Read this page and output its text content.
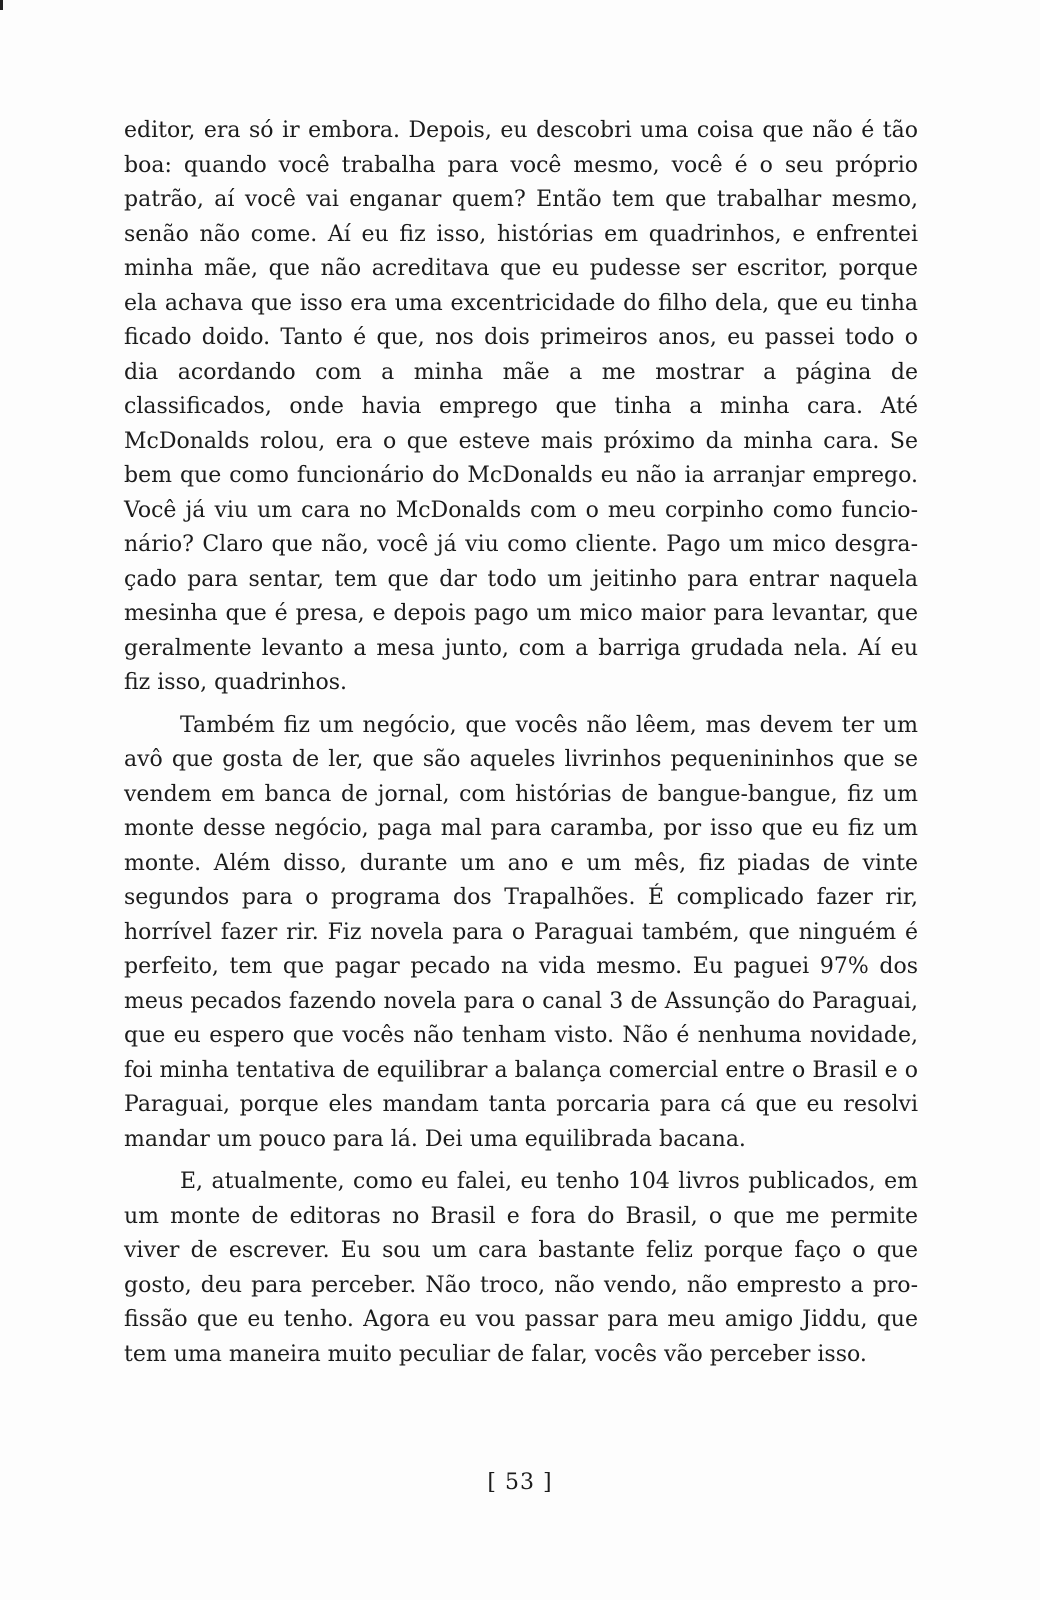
editor, era só ir embora. Depois, eu descobri uma coisa que não é tão boa: quando você trabalha para você mesmo, você é o seu próprio patrão, aí você vai enganar quem? Então tem que trabalhar mesmo, senão não come. Aí eu fiz isso, histórias em quadrinhos, e enfrentei minha mãe, que não acreditava que eu pudesse ser escritor, porque ela achava que isso era uma excentricidade do filho dela, que eu tinha ficado doido. Tanto é que, nos dois primeiros anos, eu passei todo o dia acordando com a minha mãe a me mostrar a página de classificados, onde havia emprego que tinha a minha cara. Até McDonalds rolou, era o que esteve mais próximo da minha cara. Se bem que como funcionário do McDonalds eu não ia arranjar emprego. Você já viu um cara no McDonalds com o meu corpinho como funcionário? Claro que não, você já viu como cliente. Pago um mico desgraçado para sentar, tem que dar todo um jeitinho para entrar naquela mesinha que é presa, e depois pago um mico maior para levantar, que geralmente levanto a mesa junto, com a barriga grudada nela. Aí eu fiz isso, quadrinhos.

Também fiz um negócio, que vocês não lêem, mas devem ter um avô que gosta de ler, que são aqueles livrinhos pequenininhos que se vendem em banca de jornal, com histórias de bangue-bangue, fiz um monte desse negócio, paga mal para caramba, por isso que eu fiz um monte. Além disso, durante um ano e um mês, fiz piadas de vinte segundos para o programa dos Trapalhões. É complicado fazer rir, horrível fazer rir. Fiz novela para o Paraguai também, que ninguém é perfeito, tem que pagar pecado na vida mesmo. Eu paguei 97% dos meus pecados fazendo novela para o canal 3 de Assunção do Paraguai, que eu espero que vocês não tenham visto. Não é nenhuma novidade, foi minha tentativa de equilibrar a balança comercial entre o Brasil e o Paraguai, porque eles mandam tanta porcaria para cá que eu resolvi mandar um pouco para lá. Dei uma equilibrada bacana.

E, atualmente, como eu falei, eu tenho 104 livros publicados, em um monte de editoras no Brasil e fora do Brasil, o que me permite viver de escrever. Eu sou um cara bastante feliz porque faço o que gosto, deu para perceber. Não troco, não vendo, não empresto a profissão que eu tenho. Agora eu vou passar para meu amigo Jiddu, que tem uma maneira muito peculiar de falar, vocês vão perceber isso.

[ 53 ]
